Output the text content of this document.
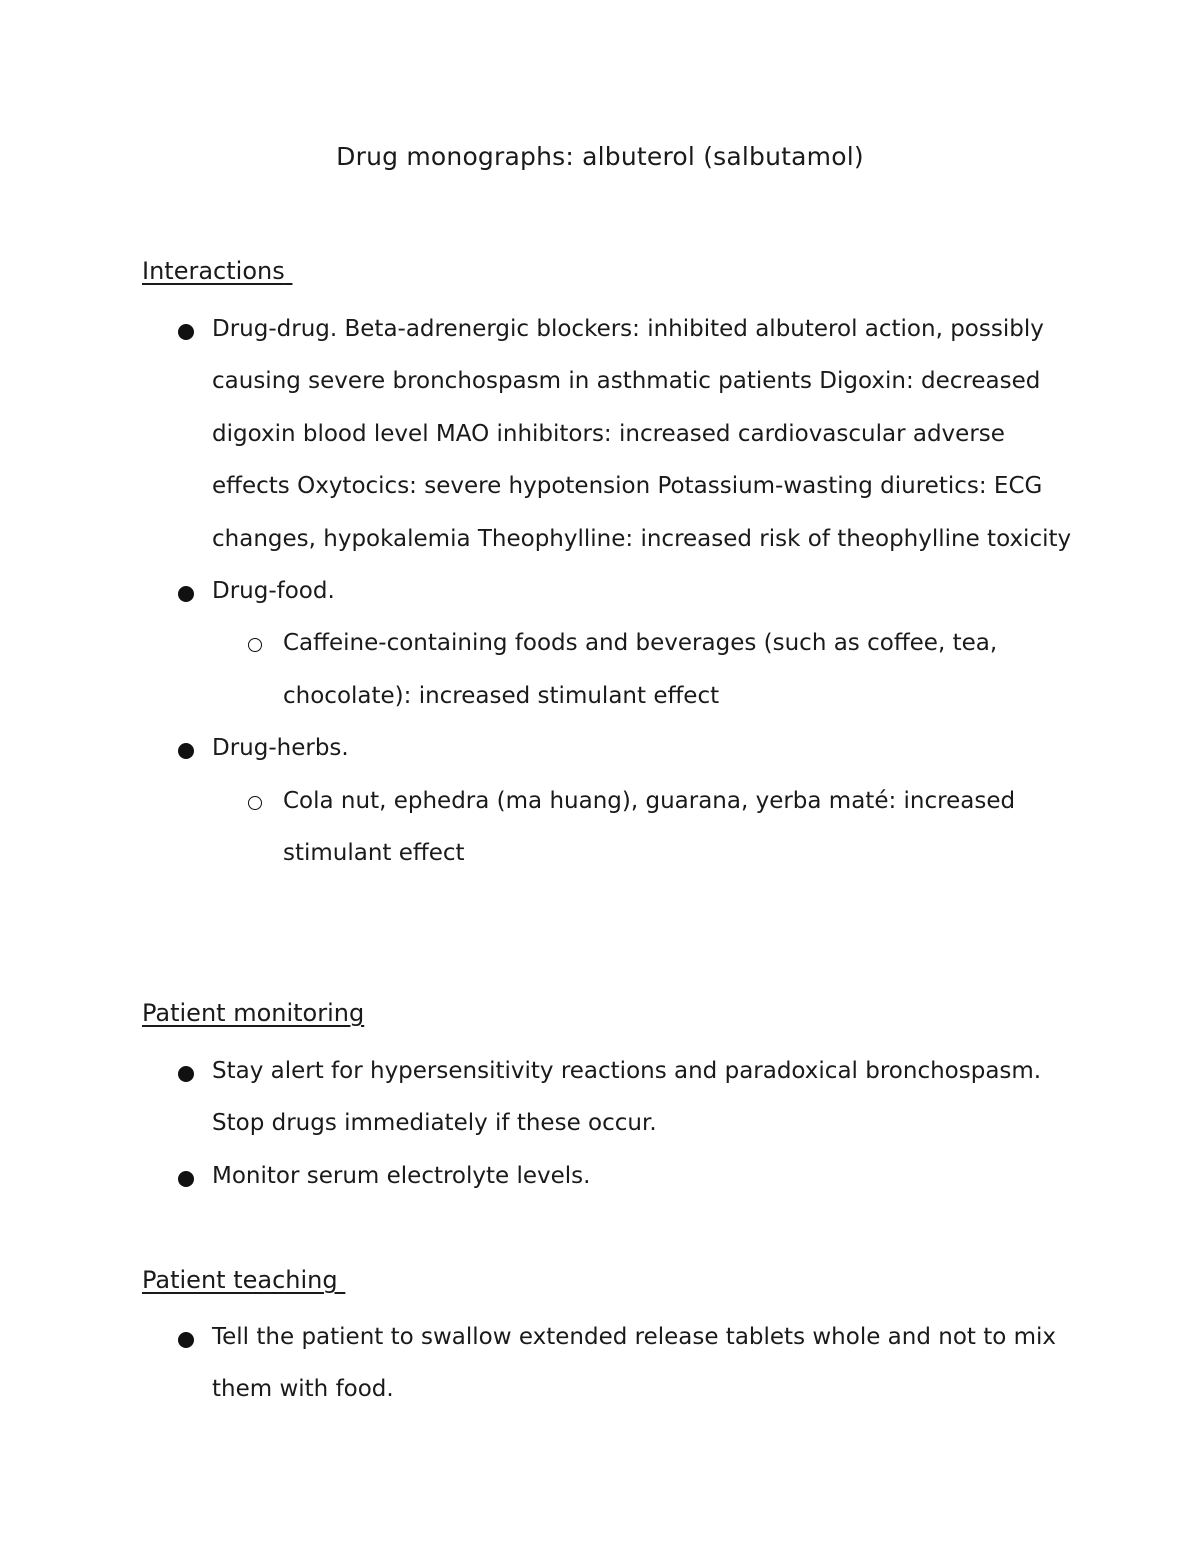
Drug monographs: albuterol (salbutamol)
Interactions
Drug-drug. Beta-adrenergic blockers: inhibited albuterol action, possibly causing severe bronchospasm in asthmatic patients Digoxin: decreased digoxin blood level MAO inhibitors: increased cardiovascular adverse effects Oxytocics: severe hypotension Potassium-wasting diuretics: ECG changes, hypokalemia Theophylline: increased risk of theophylline toxicity
Drug-food.
Caffeine-containing foods and beverages (such as coffee, tea, chocolate): increased stimulant effect
Drug-herbs.
Cola nut, ephedra (ma huang), guarana, yerba maté: increased stimulant effect
Patient monitoring
Stay alert for hypersensitivity reactions and paradoxical bronchospasm. Stop drugs immediately if these occur.
Monitor serum electrolyte levels.
Patient teaching
Tell the patient to swallow extended release tablets whole and not to mix them with food.
